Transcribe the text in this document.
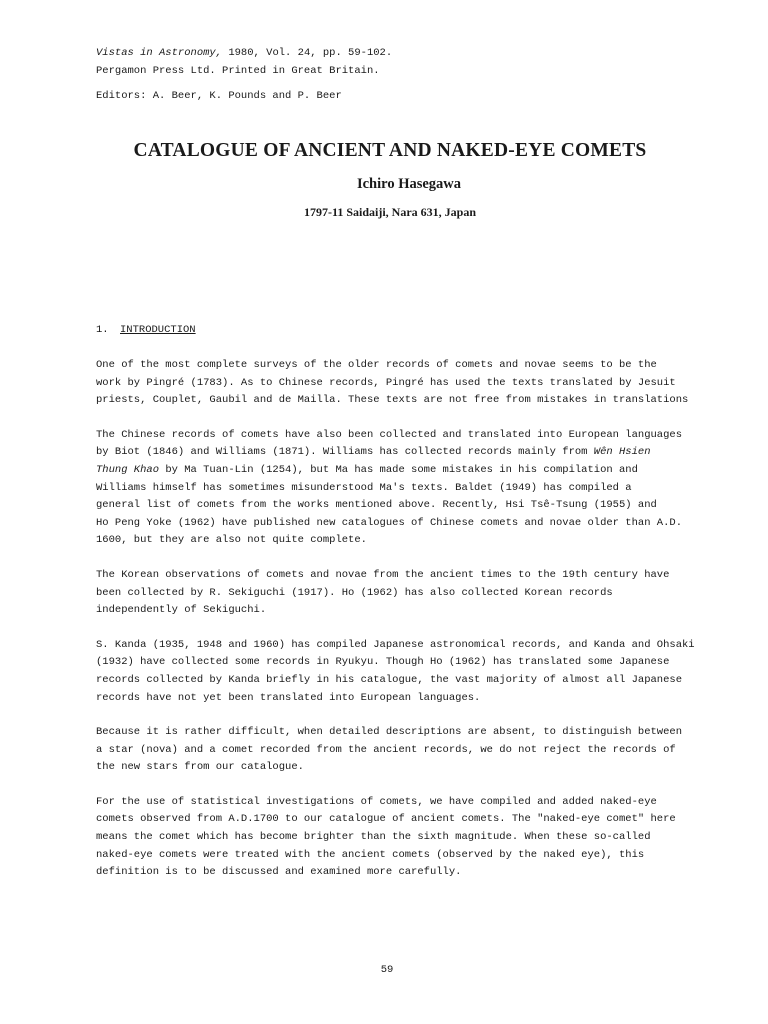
Vistas in Astronomy, 1980, Vol. 24, pp. 59-102.
Pergamon Press Ltd. Printed in Great Britain.
Editors: A. Beer, K. Pounds and P. Beer
CATALOGUE OF ANCIENT AND NAKED-EYE COMETS
Ichiro Hasegawa
1797-11 Saidaiji, Nara 631, Japan
1. INTRODUCTION

One of the most complete surveys of the older records of comets and novae seems to be the
work by Pingré (1783). As to Chinese records, Pingré has used the texts translated by Jesuit
priests, Couplet, Gaubil and de Mailla. These texts are not free from mistakes in translations

The Chinese records of comets have also been collected and translated into European languages
by Biot (1846) and Williams (1871). Williams has collected records mainly from Wên Hsien
Thung Khao by Ma Tuan-Lin (1254), but Ma has made some mistakes in his compilation and
Williams himself has sometimes misunderstood Ma's texts. Baldet (1949) has compiled a
general list of comets from the works mentioned above. Recently, Hsi Tsê-Tsung (1955) and
Ho Peng Yoke (1962) have published new catalogues of Chinese comets and novae older than A.D.
1600, but they are also not quite complete.

The Korean observations of comets and novae from the ancient times to the 19th century have
been collected by R. Sekiguchi (1917). Ho (1962) has also collected Korean records
independently of Sekiguchi.

S. Kanda (1935, 1948 and 1960) has compiled Japanese astronomical records, and Kanda and Ohsaki
(1932) have collected some records in Ryukyu. Though Ho (1962) has translated some Japanese
records collected by Kanda briefly in his catalogue, the vast majority of almost all Japanese
records have not yet been translated into European languages.

Because it is rather difficult, when detailed descriptions are absent, to distinguish between
a star (nova) and a comet recorded from the ancient records, we do not reject the records of
the new stars from our catalogue.

For the use of statistical investigations of comets, we have compiled and added naked-eye
comets observed from A.D.1700 to our catalogue of ancient comets. The "naked-eye comet" here
means the comet which has become brighter than the sixth magnitude. When these so-called
naked-eye comets were treated with the ancient comets (observed by the naked eye), this
definition is to be discussed and examined more carefully.

59
